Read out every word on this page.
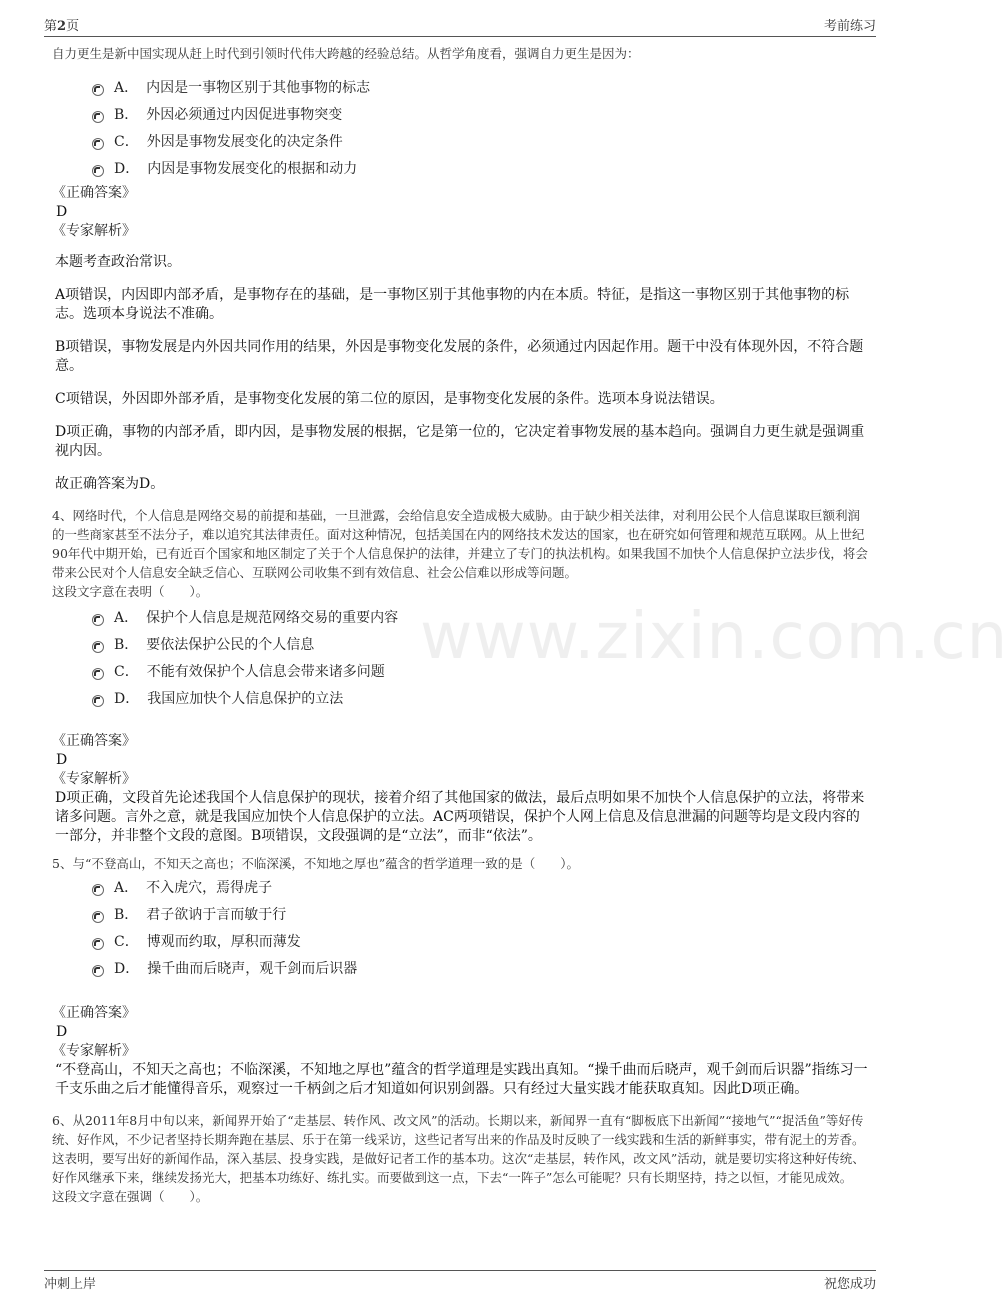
第2页	考前练习
www.zixin.com.cn

自力更生是新中国实现从赶上时代到引领时代伟大跨越的经验总结。从哲学角度看，强调自力更生是因为：

A． 内因是一事物区别于其他事物的标志
B． 外因必须通过内因促进事物突变
C． 外因是事物发展变化的决定条件
D． 内因是事物发展变化的根据和动力

《正确答案》

D

《专家解析》

本题考查政治常识。

A项错误，内因即内部矛盾，是事物存在的基础，是一事物区别于其他事物的内在本质。特征，是指这一事物区别于其他事物的标志。选项本身说法不准确。

B项错误，事物发展是内外因共同作用的结果，外因是事物变化发展的条件，必须通过内因起作用。题干中没有体现外因，不符合题意。

C项错误，外因即外部矛盾，是事物变化发展的第二位的原因，是事物变化发展的条件。选项本身说法错误。

D项正确，事物的内部矛盾，即内因，是事物发展的根据，它是第一位的，它决定着事物发展的基本趋向。强调自力更生就是强调重视内因。

故正确答案为D。

4、网络时代，个人信息是网络交易的前提和基础，一旦泄露，会给信息安全造成极大威胁。由于缺少相关法律，对利用公民个人信息谋取巨额利润的一些商家甚至不法分子，难以追究其法律责任。面对这种情况，包括美国在内的网络技术发达的国家，也在研究如何管理和规范互联网。从上世纪90年代中期开始，已有近百个国家和地区制定了关于个人信息保护的法律，并建立了专门的执法机构。如果我国不加快个人信息保护立法步伐，将会带来公民对个人信息安全缺乏信心、互联网公司收集不到有效信息、社会公信难以形成等问题。

这段文字意在表明（　　）。

A． 保护个人信息是规范网络交易的重要内容
B． 要依法保护公民的个人信息
C． 不能有效保护个人信息会带来诸多问题
D． 我国应加快个人信息保护的立法

《正确答案》

D

《专家解析》

D项正确，文段首先论述我国个人信息保护的现状，接着介绍了其他国家的做法，最后点明如果不加快个人信息保护的立法，将带来诸多问题。言外之意，就是我国应加快个人信息保护的立法。AC两项错误，保护个人网上信息及信息泄漏的问题等均是文段内容的一部分，并非整个文段的意图。B项错误，文段强调的是“立法”，而非“依法”。

5、与“不登高山，不知天之高也；不临深溪，不知地之厚也”蕴含的哲学道理一致的是（　　）。

A． 不入虎穴，焉得虎子
B． 君子欲讷于言而敏于行
C． 博观而约取，厚积而薄发
D． 操千曲而后晓声，观千剑而后识器

《正确答案》

D

《专家解析》

“不登高山，不知天之高也；不临深溪，不知地之厚也”蕴含的哲学道理是实践出真知。“操千曲而后晓声，观千剑而后识器”指练习一千支乐曲之后才能懂得音乐，观察过一千柄剑之后才知道如何识别剑器。只有经过大量实践才能获取真知。因此D项正确。

6、从2011年8月中旬以来，新闻界开始了“走基层、转作风、改文风”的活动。长期以来，新闻界一直有“脚板底下出新闻”“接地气”“捉活鱼”等好传统、好作风，不少记者坚持长期奔跑在基层、乐于在第一线采访，这些记者写出来的作品及时反映了一线实践和生活的新鲜事实，带有泥土的芳香。这表明，要写出好的新闻作品，深入基层、投身实践，是做好记者工作的基本功。这次“走基层，转作风，改文风”活动，就是要切实将这种好传统、好作风继承下来，继续发扬光大，把基本功练好、练扎实。而要做到这一点，下去“一阵子”怎么可能呢？只有长期坚持，持之以恒，才能见成效。

这段文字意在强调（　　）。

冲刺上岸	祝您成功
